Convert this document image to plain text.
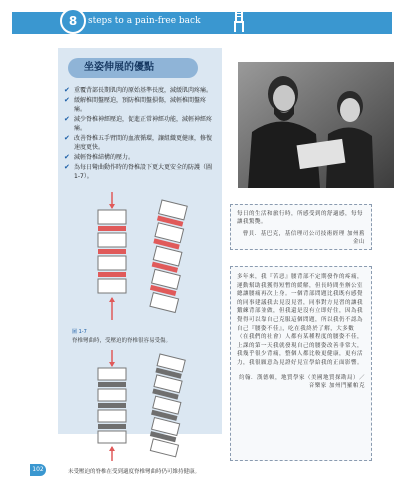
8	steps to a pain-free back
坐姿伸展的優點
✔ 重覆背部長期肌肉的原始基準長度，減緩肌肉疼痛。
✔ 緩解椎間盤壓迫，預防椎間盤損傷，減輕椎間盤疼痛。
✔ 減少脊椎神經壓迫，促進正常神經功能，減輕神經疼痛。
✔ 改善脊椎五手臂間的血液循環，讓組織更健康，修復速度更快。
✔ 減輕脊椎結構的壓力。
✔ 為每日彎曲動作時的脊椎設下更大更安全的防護（圖 1-7）。
圖 1-7
脊椎彎曲時，受壓迫的脊椎很容易受傷。
未受壓迫的脊椎在受到適度脊椎彎曲時仍可維持健康。

每日的生活和旅行時，所感受到的舒適感，每每讓我驚艷。

曹貝．基巴克，基信理司公司技術經理 加州舊金山

多年來，我『苦惡』腰背部不定期發作的疼痛，運動幫助我獲得短暫的緩解，但長時間坐辦公室總讓腰痛再次上身。一個背部問題比我既有感覺的同事建議我去見沒見習，同事對方見習的讓我鍛練背部並做，但我還是沒有立即好住，因為我覺得可以靠自己克服這個問題，所以我仍不認為自己『腰姿不佳』，吃在我終於了解，大多數（在我們的社會）人都有某種程度的腰姿不佳，上課的第一天我就發現自己的腰姿改善非常大，我幾乎很少背痛，整個人都比較更健康，更有活力，我很願意為見證好見宣學給我的正面影響。

約翰．漢德頓，地質學家（美國地質探勘局）／音樂家 加州門羅帕克

102
